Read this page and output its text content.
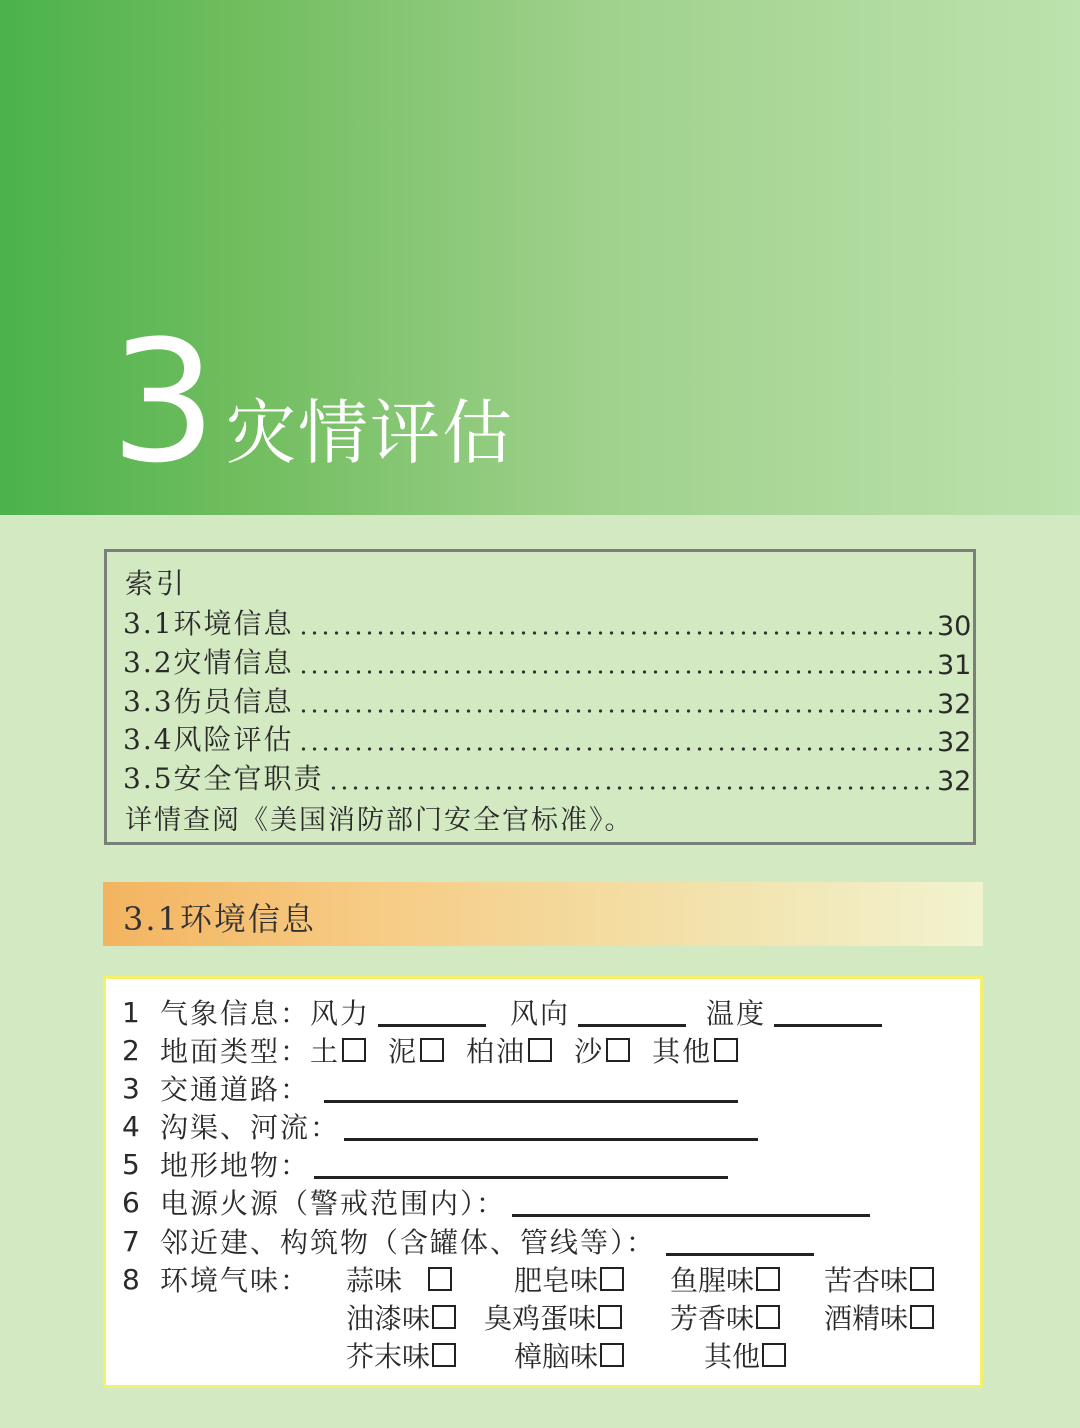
3 灾情评估
索引
3.1环境信息	30
3.2灾情信息	31
3.3伤员信息	32
3.4风险评估	32
3.5安全官职责	32
详情查阅《美国消防部门安全官标准》。
3.1环境信息
1 气象信息： 风力	风向	温度
2 地面类型： 土 泥 柏油 沙 其他
3 交通道路：
4 沟渠、河流：
5 地形地物：
6 电源火源（警戒范围内）：
7 邻近建、构筑物（含罐体、管线等）：
8 环境气味： 蒜味	肥皂味	鱼腥味 苦杏味
油漆味 臭鸡蛋味	芳香味 酒精味
芥末味	樟脑味	其他
